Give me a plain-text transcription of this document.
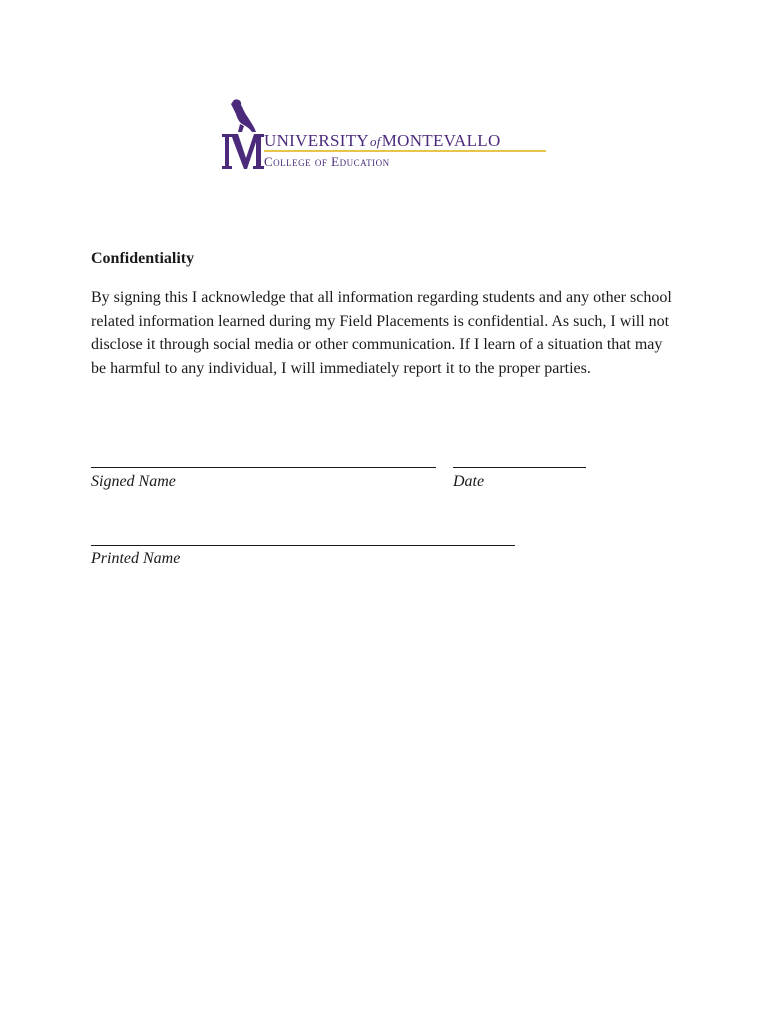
UNIVERSITYofMONTEVALLO
College of Education
Confidentiality
By signing this I acknowledge that all information regarding students and any other school related information learned during my Field Placements is confidential. As such, I will not disclose it through social media or other communication. If I learn of a situation that may be harmful to any individual, I will immediately report it to the proper parties.
Signed Name	Date
Printed Name
